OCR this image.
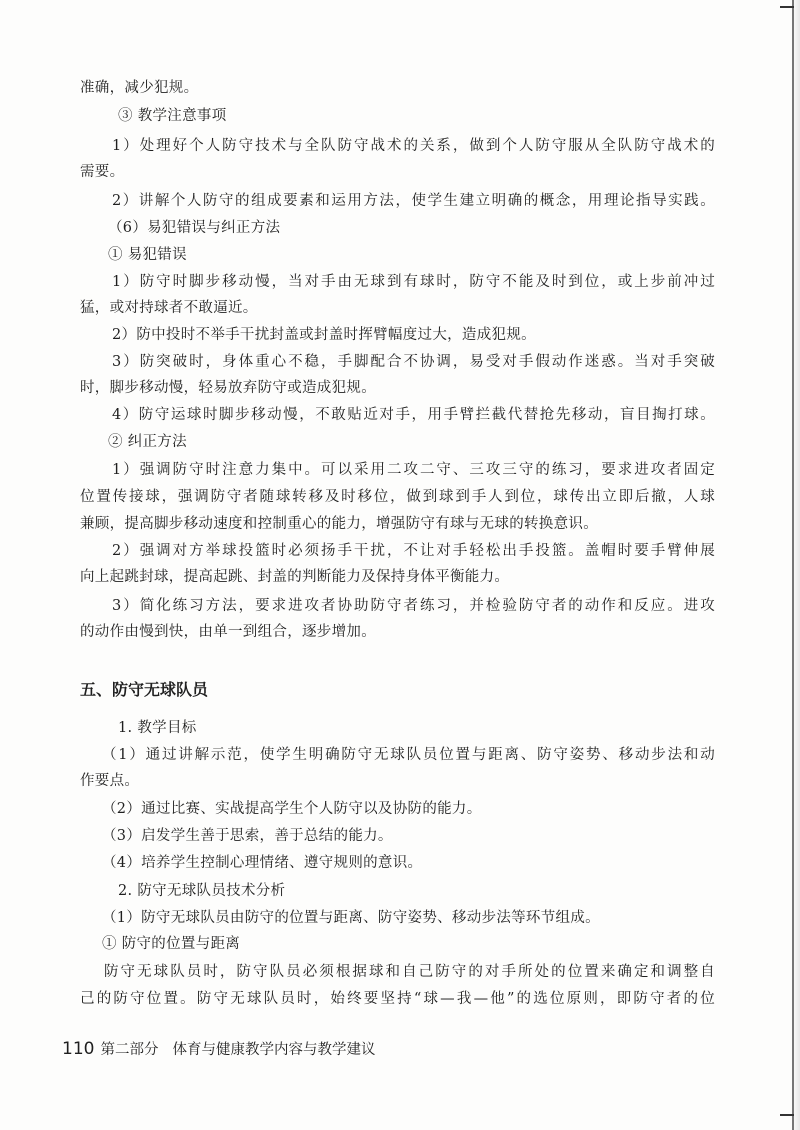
准确，减少犯规。
③ 教学注意事项
1）处理好个人防守技术与全队防守战术的关系，做到个人防守服从全队防守战术的
需要。
2）讲解个人防守的组成要素和运用方法，使学生建立明确的概念，用理论指导实践。
（6）易犯错误与纠正方法
① 易犯错误
1）防守时脚步移动慢，当对手由无球到有球时，防守不能及时到位，或上步前冲过
猛，或对持球者不敢逼近。
2）防中投时不举手干扰封盖或封盖时挥臂幅度过大，造成犯规。
3）防突破时，身体重心不稳，手脚配合不协调，易受对手假动作迷惑。当对手突破
时，脚步移动慢，轻易放弃防守或造成犯规。
4）防守运球时脚步移动慢，不敢贴近对手，用手臂拦截代替抢先移动，盲目掏打球。
② 纠正方法
1）强调防守时注意力集中。可以采用二攻二守、三攻三守的练习，要求进攻者固定
位置传接球，强调防守者随球转移及时移位，做到球到手人到位，球传出立即后撤，人球
兼顾，提高脚步移动速度和控制重心的能力，增强防守有球与无球的转换意识。
2）强调对方举球投篮时必须扬手干扰，不让对手轻松出手投篮。盖帽时要手臂伸展
向上起跳封球，提高起跳、封盖的判断能力及保持身体平衡能力。
3）简化练习方法，要求进攻者协助防守者练习，并检验防守者的动作和反应。进攻
的动作由慢到快，由单一到组合，逐步增加。
五、防守无球队员
1. 教学目标
（1）通过讲解示范，使学生明确防守无球队员位置与距离、防守姿势、移动步法和动
作要点。
（2）通过比赛、实战提高学生个人防守以及协防的能力。
（3）启发学生善于思索，善于总结的能力。
（4）培养学生控制心理情绪、遵守规则的意识。
2. 防守无球队员技术分析
（1）防守无球队员由防守的位置与距离、防守姿势、移动步法等环节组成。
① 防守的位置与距离
防守无球队员时，防守队员必须根据球和自己防守的对手所处的位置来确定和调整自
己的防守位置。防守无球队员时，始终要坚持“球—我—他”的选位原则，即防守者的位
110 第二部分 体育与健康教学内容与教学建议
